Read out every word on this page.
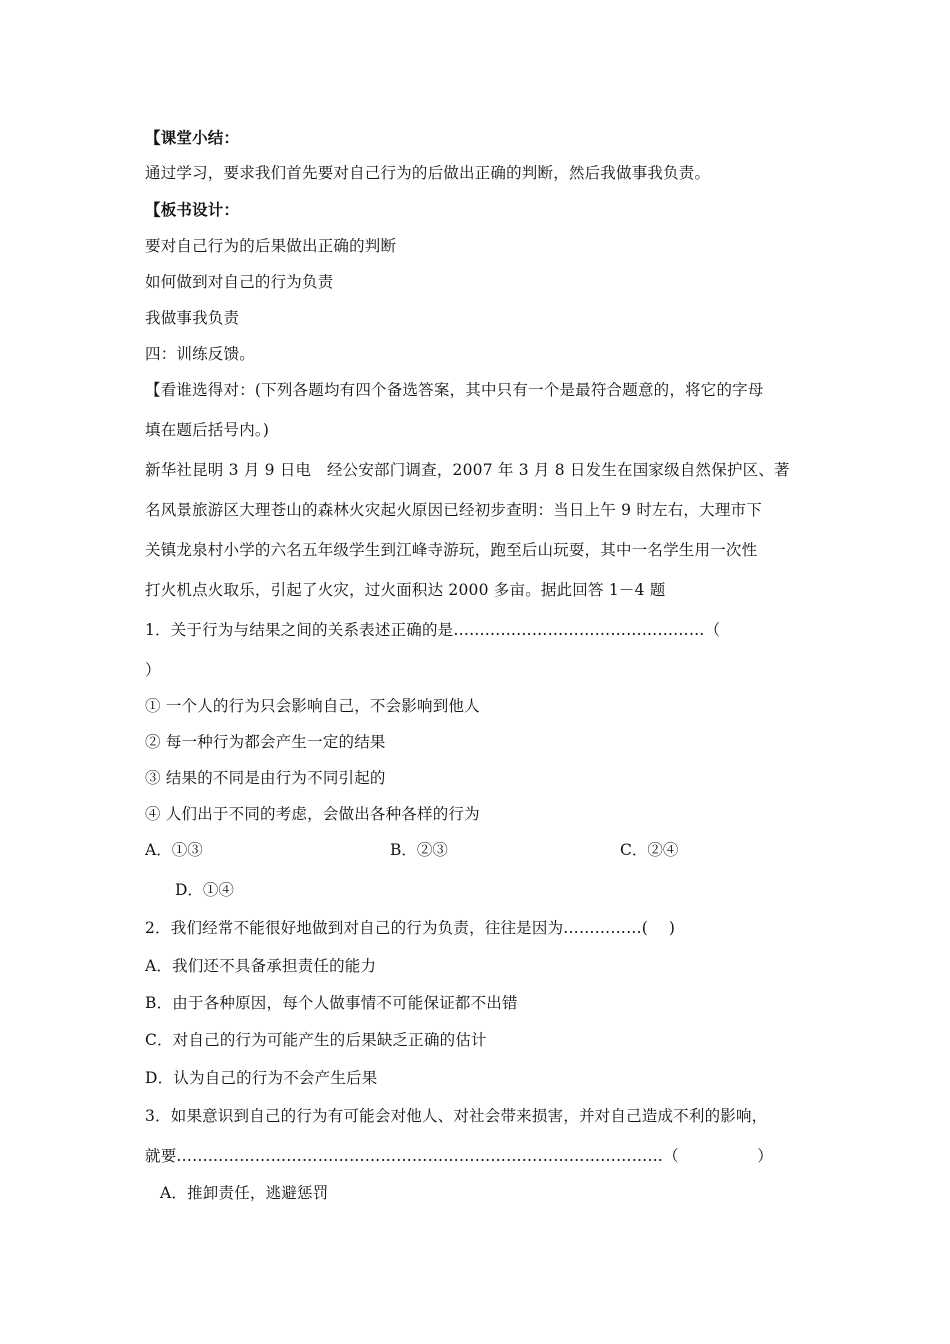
【课堂小结：
通过学习，要求我们首先要对自己行为的后做出正确的判断，然后我做事我负责。
【板书设计：
要对自己行为的后果做出正确的判断
如何做到对自己的行为负责
我做事我负责
四：训练反馈。
【看谁选得对：(下列各题均有四个备选答案，其中只有一个是最符合题意的，将它的字母
填在题后括号内。)
新华社昆明 3 月 9 日电　经公安部门调查，2007 年 3 月 8 日发生在国家级自然保护区、著
名风景旅游区大理苍山的森林火灾起火原因已经初步查明：当日上午 9 时左右，大理市下
关镇龙泉村小学的六名五年级学生到江峰寺游玩，跑至后山玩耍，其中一名学生用一次性
打火机点火取乐，引起了火灾，过火面积达 2000 多亩。据此回答 1－4 题
1．关于行为与结果之间的关系表述正确的是…………………………………………（
）
① 一个人的行为只会影响自己，不会影响到他人
② 每一种行为都会产生一定的结果
③ 结果的不同是由行为不同引起的
④ 人们出于不同的考虑，会做出各种各样的行为
A．①③	B．②③	C．②④
D．①④
2．我们经常不能很好地做到对自己的行为负责，往往是因为……………(　 )
A．我们还不具备承担责任的能力
B．由于各种原因，每个人做事情不可能保证都不出错
C．对自己的行为可能产生的后果缺乏正确的估计
D．认为自己的行为不会产生后果
3．如果意识到自己的行为有可能会对他人、对社会带来损害，并对自己造成不利的影响，
就要…………………………………………………………………………………（　　　　　）
A．推卸责任，逃避惩罚
